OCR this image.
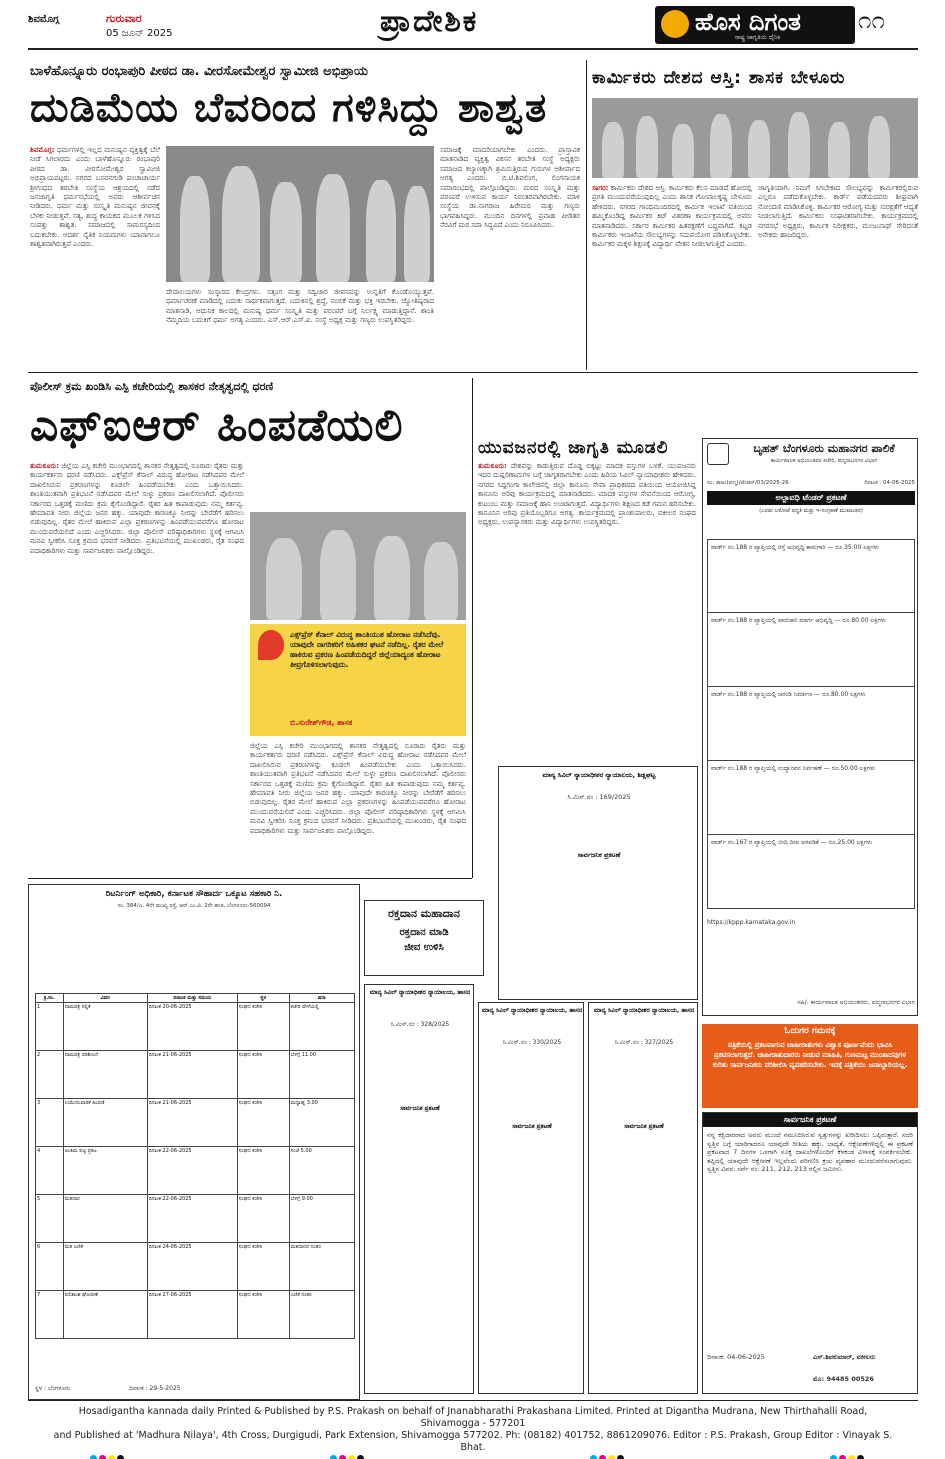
ಶಿವಮೊಗ್ಗ	ಗುರುವಾರ
05 ಜೂನ್ 2025	ಪ್ರಾದೇಶಿಕ	ಹೊಸ ದಿಗಂತ
ರಾಷ್ಟ್ರ ಜಾಗೃತಿಯ ದೈನಿಕ
೧೧
ಬಾಳೆಹೊನ್ನೂರು ರಂಭಾಪುರಿ ಪೀಠದ ಡಾ. ವೀರಸೋಮೇಶ್ವರ ಸ್ವಾಮೀಜಿ ಅಭಿಪ್ರಾಯ
ದುಡಿಮೆಯ ಬೆವರಿಂದ ಗಳಿಸಿದ್ದು ಶಾಶ್ವತ
ಶಿವಮೊಗ್ಗ: ಧರ್ಮಗಳಲ್ಲಿ ಇಲ್ಲದ ಮನುಷ್ಯನ ವ್ಯಕ್ತಿತ್ವಕ್ಕೆ ಬೆಲೆ ನೀಡೆ ಸಿಗಲಾರದು ಎಂದು ಬಾಳೆಹೊನ್ನೂರು ರಂಭಾಪುರಿ ಪೀಠದ ಡಾ. ವೀರಸೋಮೇಶ್ವರ ಸ್ವಾಮೀಜಿ ಅಭಿಪ್ರಾಯಪಟ್ಟರು. ನಗರದ ಬಸವನಗುಡಿ ಪಂಚಾಚಾರ್ಯ ಶ್ರೀಗಂಧದ ತರಬೇತಿ ಸಂಸ್ಥೆಯ ಆಶ್ರಯದಲ್ಲಿ ನಡೆದ ಜನಜಾಗೃತಿ ಧರ್ಮಸಭೆಯಲ್ಲಿ ಅವರು ಆಶೀರ್ವಚನ ನೀಡಿದರು. ಧರ್ಮ ಮತ್ತು ಸಂಸ್ಕೃತಿ ಮನುಷ್ಯನ ಜೀವನಕ್ಕೆ ಬೆಳಕು ನೀಡುತ್ತವೆ. ಸತ್ಯ, ಶುದ್ಧ ಕಾಯಕದ ಮೂಲಕ ಗಳಿಸಿದ ಸಂಪತ್ತು ಶಾಶ್ವತ. ಸಮಾಜದಲ್ಲಿ ಸಾಮರಸ್ಯದಿಂದ ಬದುಕಬೇಕು. ಆದರ್ಶ ನೈತಿಕ ನಿಯಮಗಳು ಯಾವಾಗಲೂ ಶಾಶ್ವತವಾಗಿರುತ್ತವೆ ಎಂದರು.
ದೇವಾಲಯಗಳು ಸಂಸ್ಕಾರದ ಕೇಂದ್ರಗಳು. ಸತ್ಸಂಗ ಮತ್ತು ಸದ್ವಿಚಾರ ಜೀವನವನ್ನು ಉನ್ನತಿಗೆ ಕೊಂಡೊಯ್ಯುತ್ತವೆ. ಧರ್ಮಾಚರಣೆ ಮಾಡಿದಲ್ಲಿ ಬದುಕು ಸಾರ್ಥಕವಾಗುತ್ತದೆ. ಬದುಕಿನಲ್ಲಿ ಶ್ರದ್ಧೆ, ನಂಬಿಕೆ ಮತ್ತು ಭಕ್ತಿ ಇರಬೇಕು. ಜ್ಯೋತಿಷ್ಯರಾದ ಮಾತನಾಡಿ, ಆಧುನಿಕ ಕಾಲದಲ್ಲಿ ಮನುಷ್ಯ ಧರ್ಮ ಸಂಸ್ಕೃತಿ ಮತ್ತು ಪರಂಪರೆ ಬಗ್ಗೆ ನಿರ್ಲಕ್ಷ್ಯ ಮಾಡುತ್ತಿದ್ದಾನೆ. ಶಾಂತಿ ನೆಮ್ಮದಿಯ ಬದುಕಿಗೆ ಧರ್ಮ ಅಗತ್ಯ ಎಂದರು. ಎಸ್.ಆರ್.ಎಸ್.ಐ. ಸಂಸ್ಥೆ ಅಧ್ಯಕ್ಷ ಮತ್ತು ಗಣ್ಯರು ಉಪಸ್ಥಿತರಿದ್ದರು.
ಸಮಾಜಕ್ಕೆ ಮಾದರಿಯಾಗಬೇಕು ಎಂದರು. ಪ್ರಾಸ್ತಾವಿಕ ಮಾತನಾಡಿದ ವ್ಯಕ್ತಿತ್ವ ವಿಕಸನ ತರಬೇತಿ ಸಂಸ್ಥೆ ಅಧ್ಯಕ್ಷರು ಸಮಾಜದ ಕಲ್ಯಾಣಕ್ಕಾಗಿ ಶ್ರಮಿಸುತ್ತಿರುವ ಗುರುಗಳ ಆಶೀರ್ವಾದ ಅಗತ್ಯ ಎಂದರು. ಬಿ.ಟಿ.ಶಿವಲಿಂಗ, ಲಿಂಗನಾಯಕ ಸಮಾರಂಭದಲ್ಲಿ ಪಾಲ್ಗೊಂಡಿದ್ದರು. ಮಠದ ಸಂಸ್ಕೃತಿ ಮತ್ತು ಪರಂಪರೆ ಉಳಿಸುವ ಕಾರ್ಯ ನಿರಂತರವಾಗಿರಬೇಕು. ಮಾಳಿ ಸಂಸ್ಥೆಯ ಡಾ.ನಾಗರಾಜ ಹಿರೇಮಠ ಮತ್ತು ಗಣ್ಯರು ಭಾಗವಹಿಸಿದ್ದರು. ಮುಂದಿನ ದಿನಗಳಲ್ಲಿ ಪ್ರವಾಹ ಪೀಡಿತರ ನೆರವಿಗೆ ಮಠ ಸದಾ ಸಿದ್ಧವಿದೆ ಎಂದು ನಿರೂಪಿಸಿದರು.
ಕಾರ್ಮಿಕರು ದೇಶದ ಆಸ್ತಿ: ಶಾಸಕ ಬೇಳೂರು
ಸಾಗರ: ಕಾರ್ಮಿಕರು ದೇಶದ ಆಸ್ತಿ. ಕಾರ್ಮಿಕರು ಕೆಲಸ ಮಾಡದೆ ಹೋದಲ್ಲಿ ಪ್ರಗತಿ ಮುಂದುವರೆಯುವುದಿಲ್ಲ ಎಂದು ಶಾಸಕ ಗೋಪಾಲಕೃಷ್ಣ ಬೇಳೂರು ಹೇಳಿದರು. ನಗರದ ಗಾಂಧಿಮಂದಿರದಲ್ಲಿ ಕಾರ್ಮಿಕ ಇಲಾಖೆ ವತಿಯಿಂದ ಹಮ್ಮಿಕೊಂಡಿದ್ದ ಕಾರ್ಮಿಕರ ಕಿಟ್ ವಿತರಣಾ ಕಾರ್ಯಕ್ರಮದಲ್ಲಿ ಅವರು ಮಾತನಾಡಿದರು. ಸರ್ಕಾರ ಕಾರ್ಮಿಕರ ಹಿತರಕ್ಷಣೆಗೆ ಬದ್ಧವಾಗಿದೆ. ಕಟ್ಟಡ ಕಾರ್ಮಿಕರು ಇಲಾಖೆಯ ಸೌಲಭ್ಯಗಳನ್ನು ಸದುಪಯೋಗ ಪಡಿಸಿಕೊಳ್ಳಬೇಕು. ಕಾರ್ಮಿಕರ ಮಕ್ಕಳ ಶಿಕ್ಷಣಕ್ಕೆ ವಿದ್ಯಾರ್ಥಿ ವೇತನ ನೀಡಲಾಗುತ್ತಿದೆ ಎಂದರು.
ಜಾಗೃತಿಯಾಗಿ. ನಿಮಗೆ ಸಿಗಬೇಕಾದ ಸೌಲಭ್ಯವನ್ನು ಕಾರ್ಮಿಕರಲ್ಲಿರುವ ಎಲ್ಲರೂ ಪಡೆದುಕೊಳ್ಳಬೇಕು. ಕಾರ್ಡ್ ಪಡೆಯದವರು ಶೀಘ್ರವಾಗಿ ನೋಂದಣಿ ಮಾಡಿಸಿಕೊಳ್ಳಿ. ಕಾರ್ಮಿಕರ ಆರೋಗ್ಯ ಮತ್ತು ಸುರಕ್ಷತೆಗೆ ಆದ್ಯತೆ ನೀಡಲಾಗುತ್ತಿದೆ. ಕಾರ್ಮಿಕರು ಸಂಘಟಿತರಾಗಬೇಕು. ಕಾರ್ಯಕ್ರಮದಲ್ಲಿ ನಗರಸಭೆ ಅಧ್ಯಕ್ಷರು, ಕಾರ್ಮಿಕ ನಿರೀಕ್ಷಕರು, ಮಂಜುನಾಥ್ ಸೇರಿದಂತೆ ಅನೇಕರು ಹಾಜರಿದ್ದರು.
ಪೊಲೀಸ್ ಕ್ರಮ ಖಂಡಿಸಿ ಎಸ್ಪಿ ಕಚೇರಿಯಲ್ಲಿ ಶಾಸಕರ ನೇತೃತ್ವದಲ್ಲಿ ಧರಣಿ
ಎಫ್ಐಆರ್ ಹಿಂಪಡೆಯಲಿ
ತುಮಕೂರು: ಜಿಲ್ಲೆಯ ಎಸ್ಪಿ ಕಚೇರಿ ಮುಂಭಾಗದಲ್ಲಿ ಶಾಸಕರ ನೇತೃತ್ವದಲ್ಲಿ ನೂರಾರು ರೈತರು ಮತ್ತು ಕಾರ್ಯಕರ್ತರು ಧರಣಿ ನಡೆಸಿದರು. ಎಕ್ಸ್‌ಪ್ರೆಸ್ ಕೆನಾಲ್ ವಿರುದ್ಧ ಹೋರಾಟ ನಡೆಸಿದವರ ಮೇಲೆ ದಾಖಲಿಸಿರುವ ಪ್ರಕರಣಗಳನ್ನು ಕೂಡಲೇ ಹಿಂಪಡೆಯಬೇಕು ಎಂದು ಒತ್ತಾಯಿಸಿದರು. ಶಾಂತಿಯುತವಾಗಿ ಪ್ರತಿಭಟನೆ ನಡೆಸಿದವರ ಮೇಲೆ ಸುಳ್ಳು ಪ್ರಕರಣ ದಾಖಲಿಸಲಾಗಿದೆ. ಪೊಲೀಸರು ಸರ್ಕಾರದ ಒತ್ತಡಕ್ಕೆ ಮಣಿದು ಕ್ರಮ ಕೈಗೊಂಡಿದ್ದಾರೆ. ರೈತರ ಹಿತ ಕಾಪಾಡುವುದು ನಮ್ಮ ಕರ್ತವ್ಯ. ಹೇಮಾವತಿ ನೀರು ಜಿಲ್ಲೆಯ ಜನರ ಹಕ್ಕು. ಯಾವುದೇ ಕಾರಣಕ್ಕೂ ನೀರನ್ನು ಬೇರೆಡೆಗೆ ಹರಿಸಲು ಬಿಡುವುದಿಲ್ಲ. ರೈತರ ಮೇಲೆ ಹಾಕಿರುವ ಎಲ್ಲಾ ಪ್ರಕರಣಗಳನ್ನು ಹಿಂಪಡೆಯುವವರೆಗೂ ಹೋರಾಟ ಮುಂದುವರೆಯಲಿದೆ ಎಂದು ಎಚ್ಚರಿಸಿದರು. ಜಿಲ್ಲಾ ಪೊಲೀಸ್ ವರಿಷ್ಠಾಧಿಕಾರಿಗಳು ಸ್ಥಳಕ್ಕೆ ಆಗಮಿಸಿ ಮನವಿ ಸ್ವೀಕರಿಸಿ ಸೂಕ್ತ ಕ್ರಮದ ಭರವಸೆ ನೀಡಿದರು. ಪ್ರತಿಭಟನೆಯಲ್ಲಿ ಮುಖಂಡರು, ರೈತ ಸಂಘದ ಪದಾಧಿಕಾರಿಗಳು ಮತ್ತು ಸಾರ್ವಜನಿಕರು ಪಾಲ್ಗೊಂಡಿದ್ದರು.
ಎಕ್ಸ್‌ಪ್ರೆಸ್ ಕೆನಾಲ್ ವಿರುದ್ಧ ಶಾಂತಿಯುತ ಹೋರಾಟ ನಡೆಸಿದೆವು. ಯಾವುದೇ ನಾಗರಿಕರಿಗೆ ಅಹಿತಕರ ಘಟನೆ ನಡೆದಿಲ್ಲ. ರೈತರ ಮೇಲೆ ಹಾಕಿರುವ ಪ್ರಕರಣ ಹಿಂಪಡೆಯದಿದ್ದರೆ ಜಿಲ್ಲೆಯಾದ್ಯಂತ ಹೋರಾಟ ತೀವ್ರಗೊಳಿಸಲಾಗುವುದು.
ಬಿ.ಸುರೇಶ್‌ಗೌಡ, ಶಾಸಕ
ಜಿಲ್ಲೆಯ ಎಸ್ಪಿ ಕಚೇರಿ ಮುಂಭಾಗದಲ್ಲಿ ಶಾಸಕರ ನೇತೃತ್ವದಲ್ಲಿ ನೂರಾರು ರೈತರು ಮತ್ತು ಕಾರ್ಯಕರ್ತರು ಧರಣಿ ನಡೆಸಿದರು. ಎಕ್ಸ್‌ಪ್ರೆಸ್ ಕೆನಾಲ್ ವಿರುದ್ಧ ಹೋರಾಟ ನಡೆಸಿದವರ ಮೇಲೆ ದಾಖಲಿಸಿರುವ ಪ್ರಕರಣಗಳನ್ನು ಕೂಡಲೇ ಹಿಂಪಡೆಯಬೇಕು ಎಂದು ಒತ್ತಾಯಿಸಿದರು. ಶಾಂತಿಯುತವಾಗಿ ಪ್ರತಿಭಟನೆ ನಡೆಸಿದವರ ಮೇಲೆ ಸುಳ್ಳು ಪ್ರಕರಣ ದಾಖಲಿಸಲಾಗಿದೆ. ಪೊಲೀಸರು ಸರ್ಕಾರದ ಒತ್ತಡಕ್ಕೆ ಮಣಿದು ಕ್ರಮ ಕೈಗೊಂಡಿದ್ದಾರೆ. ರೈತರ ಹಿತ ಕಾಪಾಡುವುದು ನಮ್ಮ ಕರ್ತವ್ಯ. ಹೇಮಾವತಿ ನೀರು ಜಿಲ್ಲೆಯ ಜನರ ಹಕ್ಕು. ಯಾವುದೇ ಕಾರಣಕ್ಕೂ ನೀರನ್ನು ಬೇರೆಡೆಗೆ ಹರಿಸಲು ಬಿಡುವುದಿಲ್ಲ. ರೈತರ ಮೇಲೆ ಹಾಕಿರುವ ಎಲ್ಲಾ ಪ್ರಕರಣಗಳನ್ನು ಹಿಂಪಡೆಯುವವರೆಗೂ ಹೋರಾಟ ಮುಂದುವರೆಯಲಿದೆ ಎಂದು ಎಚ್ಚರಿಸಿದರು. ಜಿಲ್ಲಾ ಪೊಲೀಸ್ ವರಿಷ್ಠಾಧಿಕಾರಿಗಳು ಸ್ಥಳಕ್ಕೆ ಆಗಮಿಸಿ ಮನವಿ ಸ್ವೀಕರಿಸಿ ಸೂಕ್ತ ಕ್ರಮದ ಭರವಸೆ ನೀಡಿದರು. ಪ್ರತಿಭಟನೆಯಲ್ಲಿ ಮುಖಂಡರು, ರೈತ ಸಂಘದ ಪದಾಧಿಕಾರಿಗಳು ಮತ್ತು ಸಾರ್ವಜನಿಕರು ಪಾಲ್ಗೊಂಡಿದ್ದರು.
ಯುವಜನರಲ್ಲಿ ಜಾಗೃತಿ ಮೂಡಲಿ
ತುಮಕೂರು: ದೇಶವನ್ನು ಕಾಡುತ್ತಿರುವ ದೊಡ್ಡ ಬಿಕ್ಕಟ್ಟು ಮಾದಕ ವಸ್ತುಗಳ ಬಳಕೆ. ಯುವಜನರು ಇದರ ದುಷ್ಪರಿಣಾಮಗಳ ಬಗ್ಗೆ ಜಾಗೃತರಾಗಬೇಕು ಎಂದು ಹಿರಿಯ ಸಿವಿಲ್ ನ್ಯಾಯಾಧೀಶರು ಹೇಳಿದರು. ನಗರದ ಸಿದ್ದಗಂಗಾ ಕಾಲೇಜಿನಲ್ಲಿ ಜಿಲ್ಲಾ ಕಾನೂನು ಸೇವಾ ಪ್ರಾಧಿಕಾರದ ವತಿಯಿಂದ ಆಯೋಜಿಸಿದ್ದ ಕಾನೂನು ಅರಿವು ಕಾರ್ಯಕ್ರಮದಲ್ಲಿ ಮಾತನಾಡಿದರು. ಮಾದಕ ವಸ್ತುಗಳ ಸೇವನೆಯಿಂದ ಆರೋಗ್ಯ, ಕುಟುಂಬ ಮತ್ತು ಸಮಾಜಕ್ಕೆ ಹಾನಿ ಉಂಟಾಗುತ್ತದೆ. ವಿದ್ಯಾರ್ಥಿಗಳು ಶಿಕ್ಷಣದ ಕಡೆ ಗಮನ ಹರಿಸಬೇಕು. ಕಾನೂನಿನ ಅರಿವು ಪ್ರತಿಯೊಬ್ಬರಿಗೂ ಅಗತ್ಯ. ಕಾರ್ಯಕ್ರಮದಲ್ಲಿ ಪ್ರಾಂಶುಪಾಲರು, ವಕೀಲರ ಸಂಘದ ಅಧ್ಯಕ್ಷರು, ಉಪನ್ಯಾಸಕರು ಮತ್ತು ವಿದ್ಯಾರ್ಥಿಗಳು ಉಪಸ್ಥಿತರಿದ್ದರು.
ಬೃಹತ್ ಬೆಂಗಳೂರು ಮಹಾನಗರ ಪಾಲಿಕೆ
ಕಾರ್ಯಪಾಲಕ ಅಭಿಯಂತರರ ಕಚೇರಿ, ಪದ್ಮನಾಭನಗರ ವಿಭಾಗ
ನಂ: ಕಾಅಂ(ಪದ್ಮ)/ಟೆಂಡರ್/03/2025-26	ದಿನಾಂಕ : 04-06-2025
ಅಲ್ಪಾವಧಿ ಟೆಂಡರ್ ಪ್ರಕಟಣೆ
(ಎರಡು ಲಕೋಟೆ ಪದ್ಧತಿ ಮತ್ತು ಇ-ಸಂಗ್ರಹಣೆ ಮುಖಾಂತರ)
ವಾರ್ಡ್ ನಂ.188 ರ ವ್ಯಾಪ್ತಿಯಲ್ಲಿ ರಸ್ತೆ ಅಭಿವೃದ್ಧಿ ಕಾಮಗಾರಿ — ರೂ.35.00 ಲಕ್ಷಗಳು
ವಾರ್ಡ್ ನಂ.188 ರ ವ್ಯಾಪ್ತಿಯಲ್ಲಿ ಪಾದಚಾರಿ ಮಾರ್ಗ ಅಭಿವೃದ್ಧಿ — ರೂ.80.00 ಲಕ್ಷಗಳು
ವಾರ್ಡ್ ನಂ.188 ರ ವ್ಯಾಪ್ತಿಯಲ್ಲಿ ಚರಂಡಿ ನಿರ್ಮಾಣ — ರೂ.80.00 ಲಕ್ಷಗಳು
ವಾರ್ಡ್ ನಂ.188 ರ ವ್ಯಾಪ್ತಿಯಲ್ಲಿ ಉದ್ಯಾನವನ ನಿರ್ವಹಣೆ — ರೂ.50.00 ಲಕ್ಷಗಳು
ವಾರ್ಡ್ ನಂ.167 ರ ವ್ಯಾಪ್ತಿಯಲ್ಲಿ ಬೀದಿ ದೀಪ ಅಳವಡಿಕೆ — ರೂ.25.00 ಲಕ್ಷಗಳು
https://kppp.karnataka.gov.in
ಸಹಿ/- ಕಾರ್ಯಪಾಲಕ ಅಭಿಯಂತರರು, ಪದ್ಮನಾಭನಗರ ವಿಭಾಗ
ಓದುಗರ ಗಮನಕ್ಕೆ
ಪತ್ರಿಕೆಯಲ್ಲಿ ಪ್ರಕಟವಾಗುವ ಜಾಹೀರಾತುಗಳು ವಿಶ್ವಾಸ ಪೂರ್ಣವೆಂದು ಭಾವಿಸಿ ಪ್ರಕಟಿಸಲಾಗುತ್ತದೆ. ಜಾಹೀರಾತುದಾರರು ನೀಡುವ ಮಾಹಿತಿ, ಗುಣಮಟ್ಟ ಮುಂತಾದವುಗಳ ಕುರಿತು ಸಾರ್ವಜನಿಕರು ಪರಿಶೀಲಿಸಿ ವ್ಯವಹರಿಸಬೇಕು. ಇದಕ್ಕೆ ಪತ್ರಿಕೆಯು ಜವಾಬ್ದಾರಿಯಲ್ಲ.
ರಿಟರ್ನಿಂಗ್ ಅಧಿಕಾರಿ, ಕರ್ನಾಟಕ ಸೌಹಾರ್ದ ಒಕ್ಕೂಟ ಸಹಕಾರಿ ನಿ.
ನಂ. 384/ಎ, 4ನೇ ಮುಖ್ಯ ರಸ್ತೆ, ಆರ್.ಎಂ.ವಿ. 2ನೇ ಹಂತ, ಬೆಂಗಳೂರು-560094
ಕ್ರ.ಸಂ.	ವಿವರ	ದಿನಾಂಕ ಮತ್ತು ಸಮಯ	ಸ್ಥಳ	ಷರಾ
1	ನಾಮಪತ್ರ ಸಲ್ಲಿಕೆ	ದಿನಾಂಕ 20-06-2025	ಸಂಘದ ಕಚೇರಿ	ಕಚೇರಿ ವೇಳೆಯಲ್ಲಿ
2	ನಾಮಪತ್ರ ಪರಿಶೀಲನೆ	ದಿನಾಂಕ 21-06-2025	ಸಂಘದ ಕಚೇರಿ	ಬೆಳಿಗ್ಗೆ 11.00
3	ಉಮೇದುವಾರಿಕೆ ಹಿಂಪಡೆ	ದಿನಾಂಕ 21-06-2025	ಸಂಘದ ಕಚೇರಿ	ಮಧ್ಯಾಹ್ನ 3.00
4	ಅಂತಿಮ ಪಟ್ಟಿ ಪ್ರಕಟ	ದಿನಾಂಕ 22-06-2025	ಸಂಘದ ಕಚೇರಿ	ಸಂಜೆ 5.00
5	ಮತದಾನ	ದಿನಾಂಕ 22-06-2025	ಸಂಘದ ಕಚೇರಿ	ಬೆಳಿಗ್ಗೆ 9.00
6	ಮತ ಎಣಿಕೆ	ದಿನಾಂಕ 24-06-2025	ಸಂಘದ ಕಚೇರಿ	ಮತದಾನದ ನಂತರ
7	ಫಲಿತಾಂಶ ಘೋಷಣೆ	ದಿನಾಂಕ 27-06-2025	ಸಂಘದ ಕಚೇರಿ	ಎಣಿಕೆ ನಂತರ
ಸ್ಥಳ : ಬೆಂಗಳೂರು	ದಿನಾಂಕ : 29-5-2025
ರಕ್ತದಾನ ಮಹಾದಾನ
ರಕ್ತದಾನ ಮಾಡಿ
ಜೀವ ಉಳಿಸಿ
ಮಾನ್ಯ ಸಿವಿಲ್ ನ್ಯಾಯಾಧೀಶರ ನ್ಯಾಯಾಲಯ, ಶಿಡ್ಲಘಟ್ಟ
ಸಿ.ಮಿಸ್.ನಂ : 169/2025
ಸಾರ್ವಜನಿಕ ಪ್ರಕಟಣೆ
ಮಾನ್ಯ ಸಿವಿಲ್ ನ್ಯಾಯಾಧೀಶರ ನ್ಯಾಯಾಲಯ, ಹಾಸನ
ಸಿ.ಮಿಸ್.ನಂ : 328/2025
ಸಾರ್ವಜನಿಕ ಪ್ರಕಟಣೆ
ಮಾನ್ಯ ಸಿವಿಲ್ ನ್ಯಾಯಾಧೀಶರ ನ್ಯಾಯಾಲಯ, ಹಾಸನ
ಸಿ.ಮಿಸ್.ನಂ : 330/2025
ಸಾರ್ವಜನಿಕ ಪ್ರಕಟಣೆ
ಮಾನ್ಯ ಸಿವಿಲ್ ನ್ಯಾಯಾಧೀಶರ ನ್ಯಾಯಾಲಯ, ಹಾಸನ
ಸಿ.ಮಿಸ್.ನಂ : 327/2025
ಸಾರ್ವಜನಿಕ ಪ್ರಕಟಣೆ
ಸಾರ್ವಜನಿಕ ಪ್ರಕಟಣೆ
ನನ್ನ ಕಕ್ಷಿದಾರರಾದ ಅವರು ಮುಂದೆ ನಮೂದಿಸಿರುವ ಸ್ವತ್ತುಗಳನ್ನು ಖರೀದಿಸಲು ಒಪ್ಪಿರುತ್ತಾರೆ. ಸದರಿ ಸ್ವತ್ತಿನ ಬಗ್ಗೆ ಯಾರಿಗಾದರೂ ಯಾವುದೇ ರೀತಿಯ ಹಕ್ಕು, ಬಾಧ್ಯತೆ, ಆಕ್ಷೇಪಣೆಗಳಿದ್ದಲ್ಲಿ ಈ ಪ್ರಕಟಣೆ ಪ್ರಕಟವಾದ 7 ದಿನಗಳ ಒಳಗಾಗಿ ಸೂಕ್ತ ದಾಖಲೆಗಳೊಂದಿಗೆ ಕೆಳಕಂಡ ವಿಳಾಸಕ್ಕೆ ಸಂಪರ್ಕಿಸಬೇಕು. ತಪ್ಪಿದಲ್ಲಿ ಯಾವುದೇ ಆಕ್ಷೇಪಣೆ ಇಲ್ಲವೆಂದು ಪರಿಗಣಿಸಿ ಕ್ರಯ ವ್ಯವಹಾರ ಮುಂದುವರೆಸಲಾಗುವುದು. ಸ್ವತ್ತಿನ ವಿವರ: ಸರ್ವೆ ನಂ: 211, 212, 213 ರಲ್ಲಿನ ಜಮೀನು.
ದಿನಾಂಕ: 04-06-2025	ಎಸ್.ಶಿವಕುಮಾರ್, ವಕೀಲರು
ಮೊ: 94485 00526
Hosadigantha kannada daily Printed & Published by P.S. Prakash on behalf of Jnanabharathi Prakashana Limited. Printed at Digantha Mudrana, New Thirthahalli Road, Shivamogga - 577201
and Published at 'Madhura Nilaya', 4th Cross, Durgigudi, Park Extension, Shivamogga 577202. Ph: (08182) 401752, 8861209076. Editor : P.S. Prakash, Group Editor : Vinayak S. Bhat.
